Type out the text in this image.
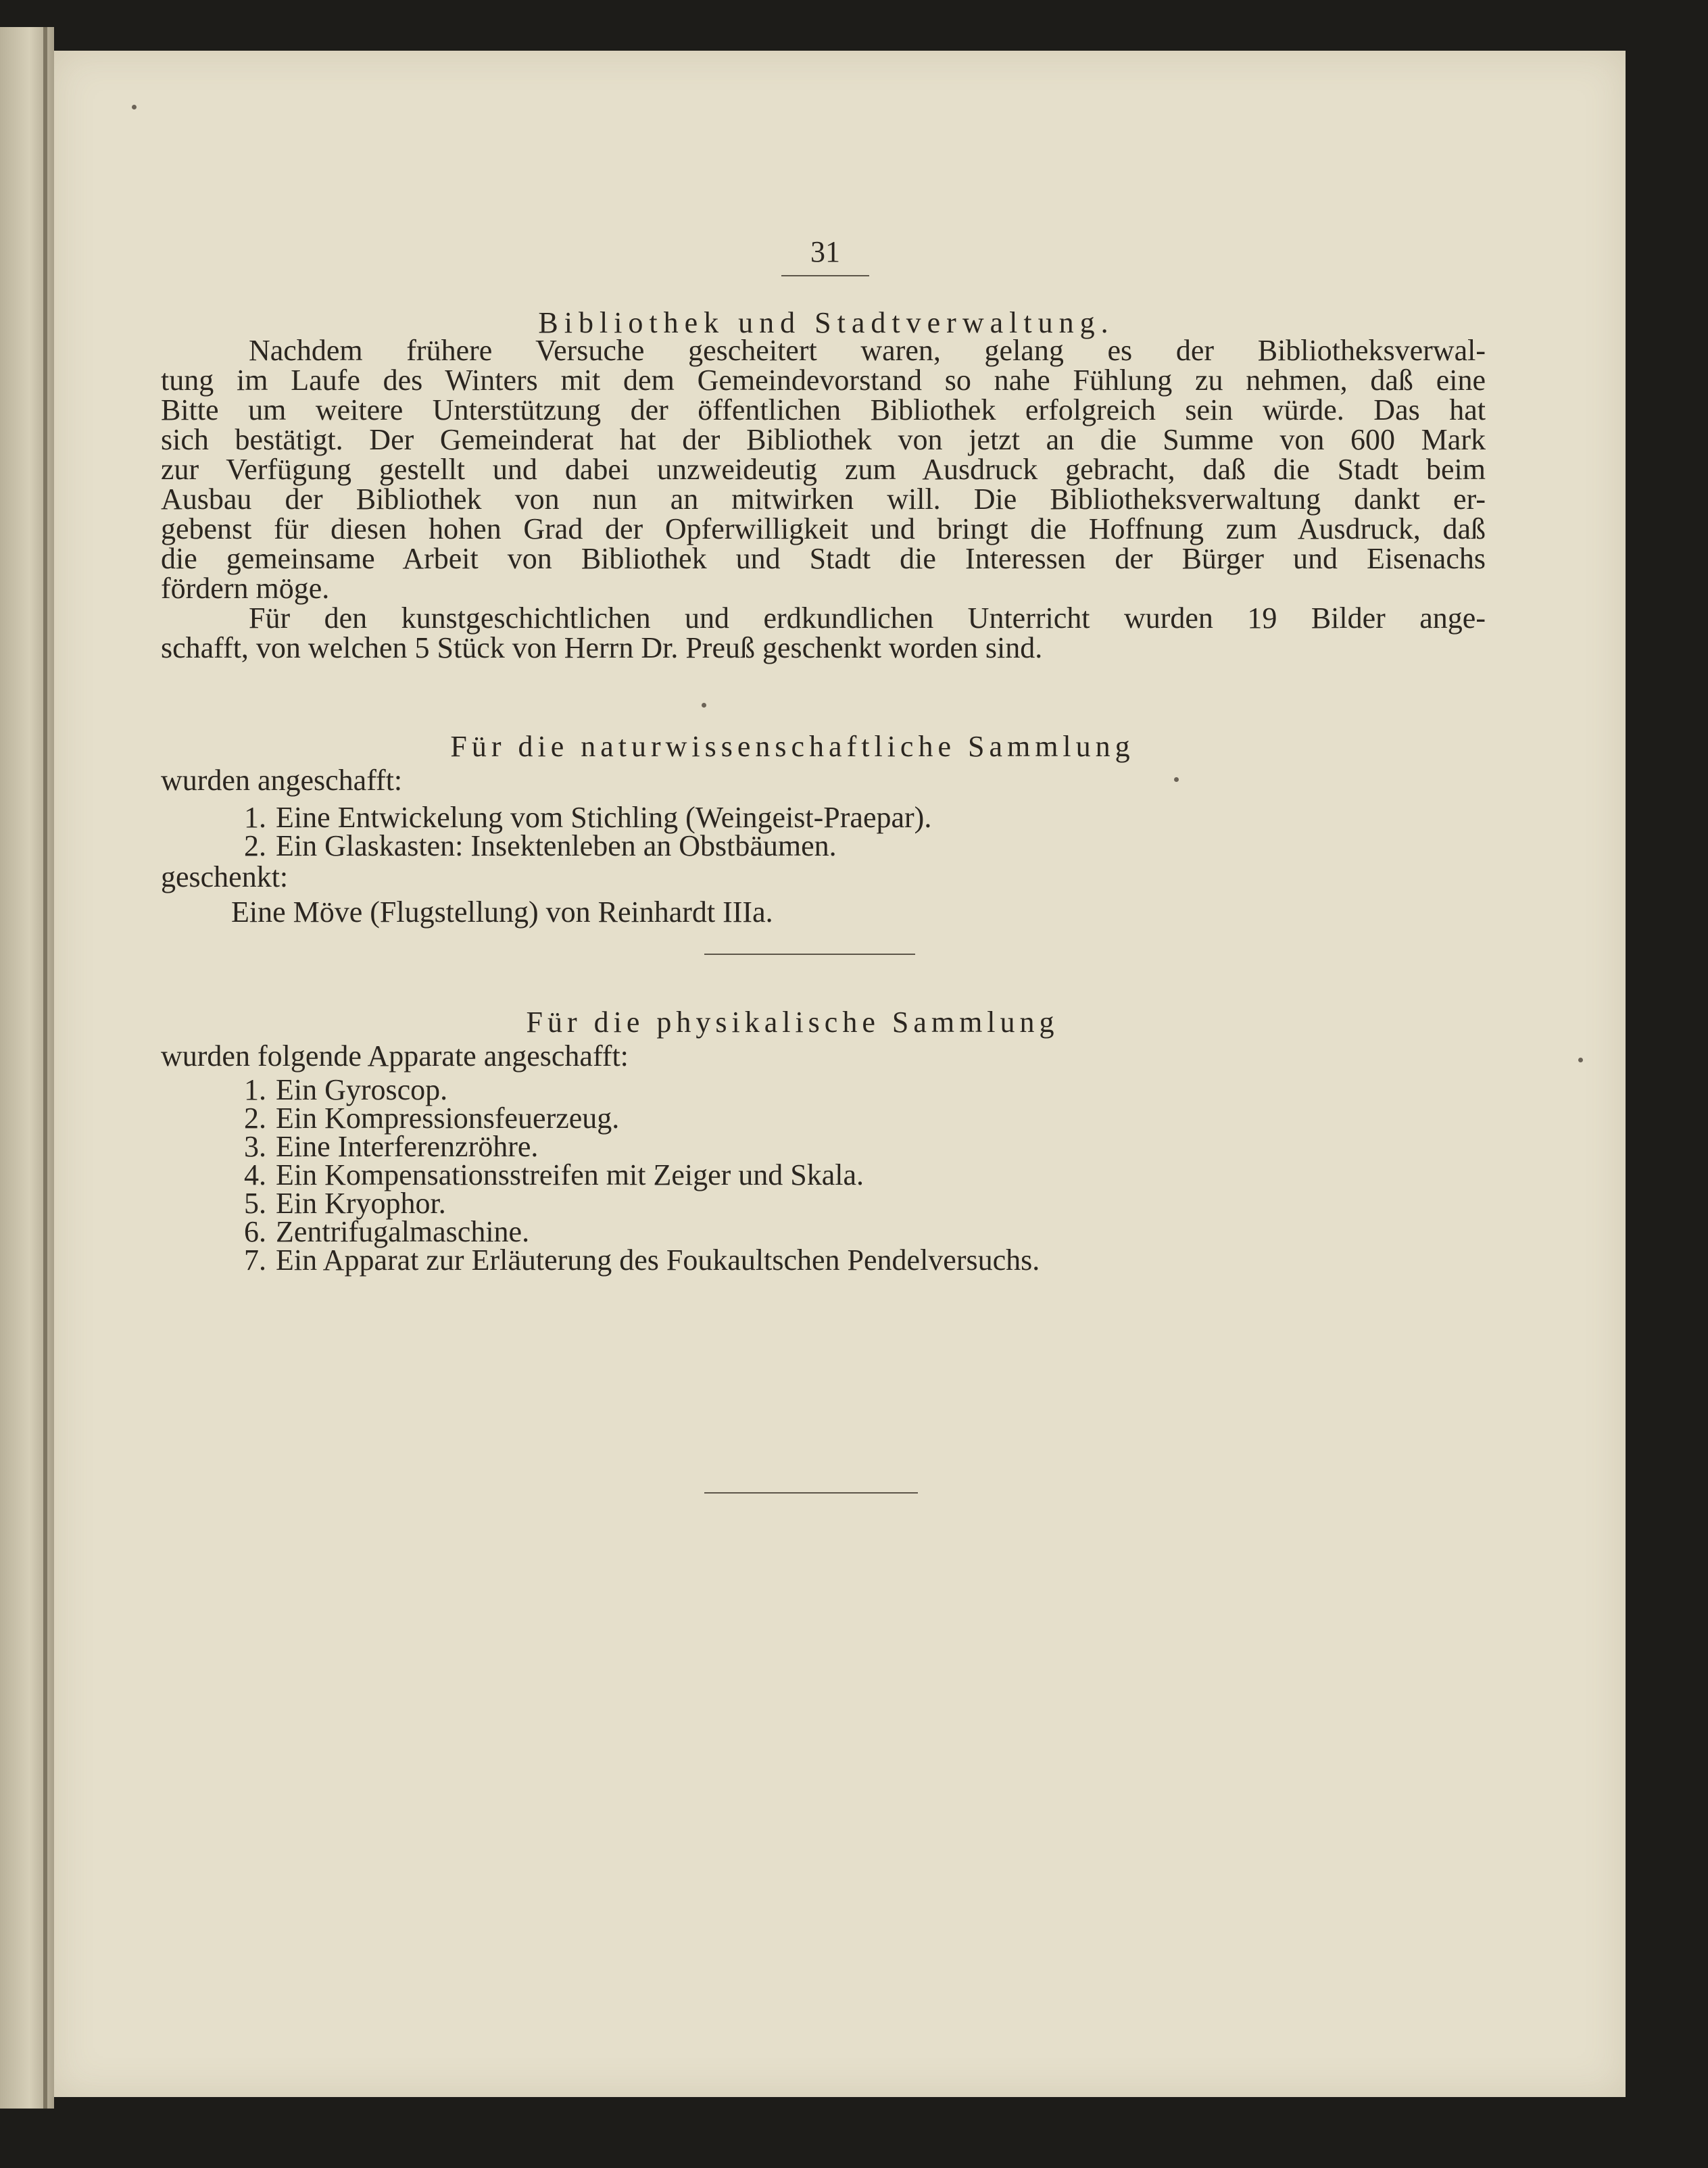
31
Bibliothek und Stadtverwaltung.
Nachdem frühere Versuche gescheitert waren, gelang es der Bibliotheksverwal-
tung im Laufe des Winters mit dem Gemeindevorstand so nahe Fühlung zu nehmen, daß eine
Bitte um weitere Unterstützung der öffentlichen Bibliothek erfolgreich sein würde. Das hat
sich bestätigt. Der Gemeinderat hat der Bibliothek von jetzt an die Summe von 600 Mark
zur Verfügung gestellt und dabei unzweideutig zum Ausdruck gebracht, daß die Stadt beim
Ausbau der Bibliothek von nun an mitwirken will. Die Bibliotheksverwaltung dankt er-
gebenst für diesen hohen Grad der Opferwilligkeit und bringt die Hoffnung zum Ausdruck, daß
die gemeinsame Arbeit von Bibliothek und Stadt die Interessen der Bürger und Eisenachs
fördern möge.
Für den kunstgeschichtlichen und erdkundlichen Unterricht wurden 19 Bilder ange-
schafft, von welchen 5 Stück von Herrn Dr. Preuß geschenkt worden sind.
Für die naturwissenschaftliche Sammlung
wurden angeschafft:
1. Eine Entwickelung vom Stichling (Weingeist-Praepar).
2. Ein Glaskasten: Insektenleben an Obstbäumen.
geschenkt:
Eine Möve (Flugstellung) von Reinhardt IIIa.
Für die physikalische Sammlung
wurden folgende Apparate angeschafft:
1. Ein Gyroscop.
2. Ein Kompressionsfeuerzeug.
3. Eine Interferenzröhre.
4. Ein Kompensationsstreifen mit Zeiger und Skala.
5. Ein Kryophor.
6. Zentrifugalmaschine.
7. Ein Apparat zur Erläuterung des Foukaultschen Pendelversuchs.
